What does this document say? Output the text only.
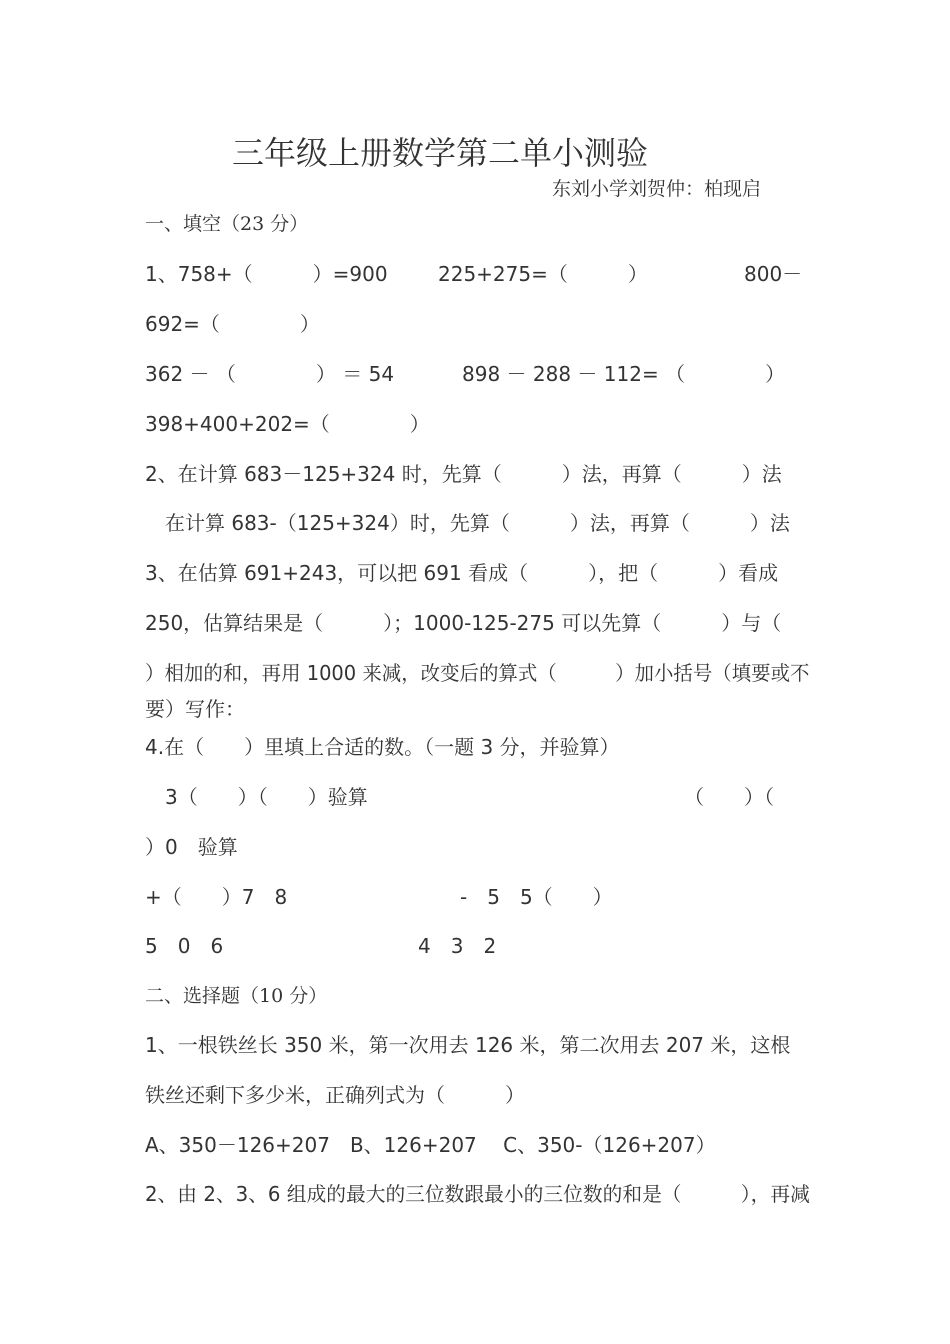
三年级上册数学第二单小测验
东刘小学刘贺仲：柏现启
一、填空（23 分）
1、758+（　　　）=900	225+275=（　　　）	800－
692=（　　　　）
362 － （　　　　） ＝ 54	898 － 288 － 112= （　　　　）
398+400+202=（　　　　）
2、在计算 683－125+324 时，先算（　　　）法，再算（　　　）法
在计算 683-（125+324）时，先算（　　　）法，再算（　　　）法
3、在估算 691+243，可以把 691 看成（　　　），把（　　　）看成
250，估算结果是（　　　）；1000-125-275 可以先算（　　　）与（
）相加的和，再用 1000 来减，改变后的算式（　　　）加小括号（填要或不
要）写作：
4.在（　　）里填上合适的数。（一题 3 分，并验算）
3（　　）（　　）验算	（　　）（
）0　验算
+（　　）7　8	-　5　5（　　）
5　0　6	4　3　2
二、选择题（10 分）
1、一根铁丝长 350 米，第一次用去 126 米，第二次用去 207 米，这根
铁丝还剩下多少米，正确列式为（　　　）
A、350－126+207　B、126+207　 C、350-（126+207）
2、由 2、3、6 组成的最大的三位数跟最小的三位数的和是（　　　），再减
